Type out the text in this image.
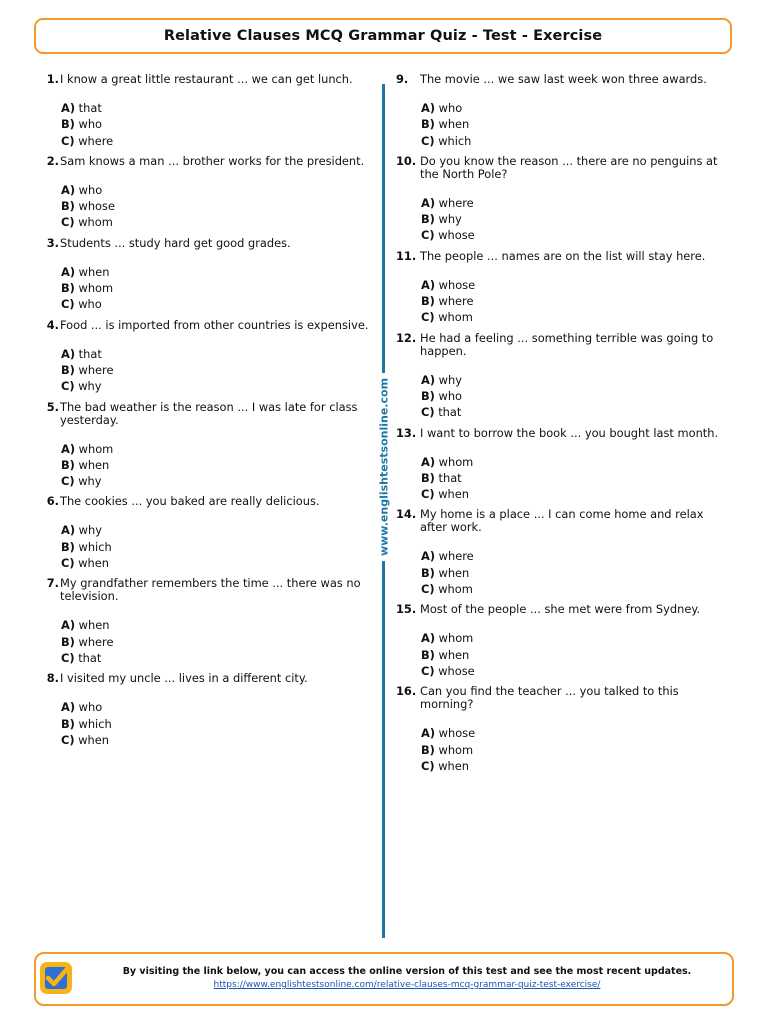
Relative Clauses MCQ Grammar Quiz - Test - Exercise
1. I know a great little restaurant ... we can get lunch.
A) that
B) who
C) where
2. Sam knows a man ... brother works for the president.
A) who
B) whose
C) whom
3. Students ... study hard get good grades.
A) when
B) whom
C) who
4. Food ... is imported from other countries is expensive.
A) that
B) where
C) why
5. The bad weather is the reason ... I was late for class yesterday.
A) whom
B) when
C) why
6. The cookies ... you baked are really delicious.
A) why
B) which
C) when
7. My grandfather remembers the time ... there was no television.
A) when
B) where
C) that
8. I visited my uncle ... lives in a different city.
A) who
B) which
C) when
www.englishtestsonline.com
9.	The movie ... we saw last week won three awards.
A) who
B) when
C) which
10. Do you know the reason ... there are no penguins at the North Pole?
A) where
B) why
C) whose
11. The people ... names are on the list will stay here.
A) whose
B) where
C) whom
12. He had a feeling ... something terrible was going to happen.
A) why
B) who
C) that
13. I want to borrow the book ... you bought last month.
A) whom
B) that
C) when
14. My home is a place ... I can come home and relax after work.
A) where
B) when
C) whom
15. Most of the people ... she met were from Sydney.
A) whom
B) when
C) whose
16. Can you find the teacher ... you talked to this morning?
A) whose
B) whom
C) when
By visiting the link below, you can access the online version of this test and see the most recent updates.
https://www.englishtestsonline.com/relative-clauses-mcq-grammar-quiz-test-exercise/
